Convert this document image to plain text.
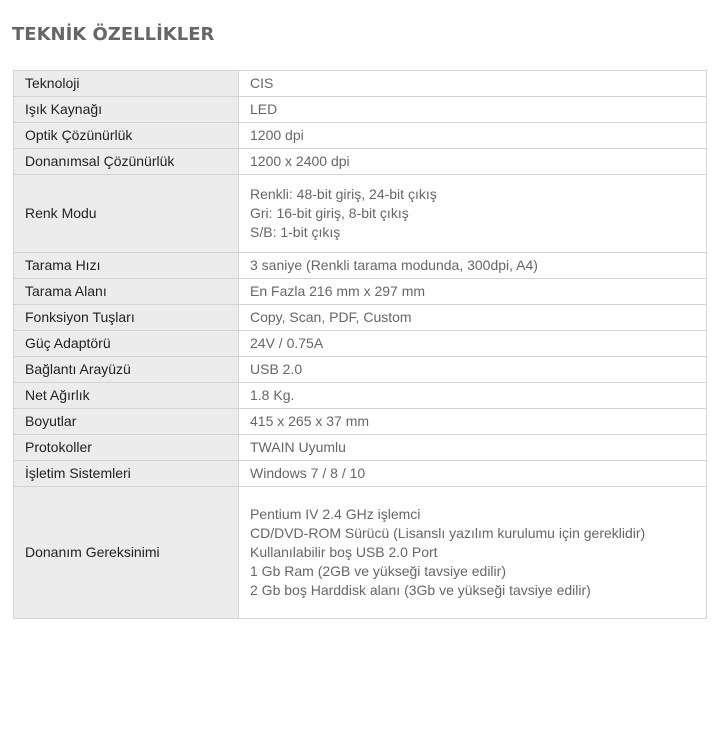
TEKNİK ÖZELLİKLER
Teknoloji	CIS

Işık Kaynağı	LED

Optik Çözünürlük	1200 dpi

Donanımsal Çözünürlük	1200 x 2400 dpi

Renk Modu	Renkli: 48-bit giriş, 24-bit çıkış
Gri: 16-bit giriş, 8-bit çıkış
S/B: 1-bit çıkış

Tarama Hızı	3 saniye (Renkli tarama modunda, 300dpi, A4)

Tarama Alanı	En Fazla 216 mm x 297 mm

Fonksiyon Tuşları	Copy, Scan, PDF, Custom

Güç Adaptörü	24V / 0.75A

Bağlantı Arayüzü	USB 2.0

Net Ağırlık	1.8 Kg.

Boyutlar	415 x 265 x 37 mm

Protokoller	TWAIN Uyumlu

İşletim Sistemleri	Windows 7 / 8 / 10

Donanım Gereksinimi	Pentium IV 2.4 GHz işlemci
CD/DVD-ROM Sürücü (Lisanslı yazılım kurulumu için gereklidir)
Kullanılabilir boş USB 2.0 Port
1 Gb Ram (2GB ve yükseği tavsiye edilir)
2 Gb boş Harddisk alanı (3Gb ve yükseği tavsiye edilir)
